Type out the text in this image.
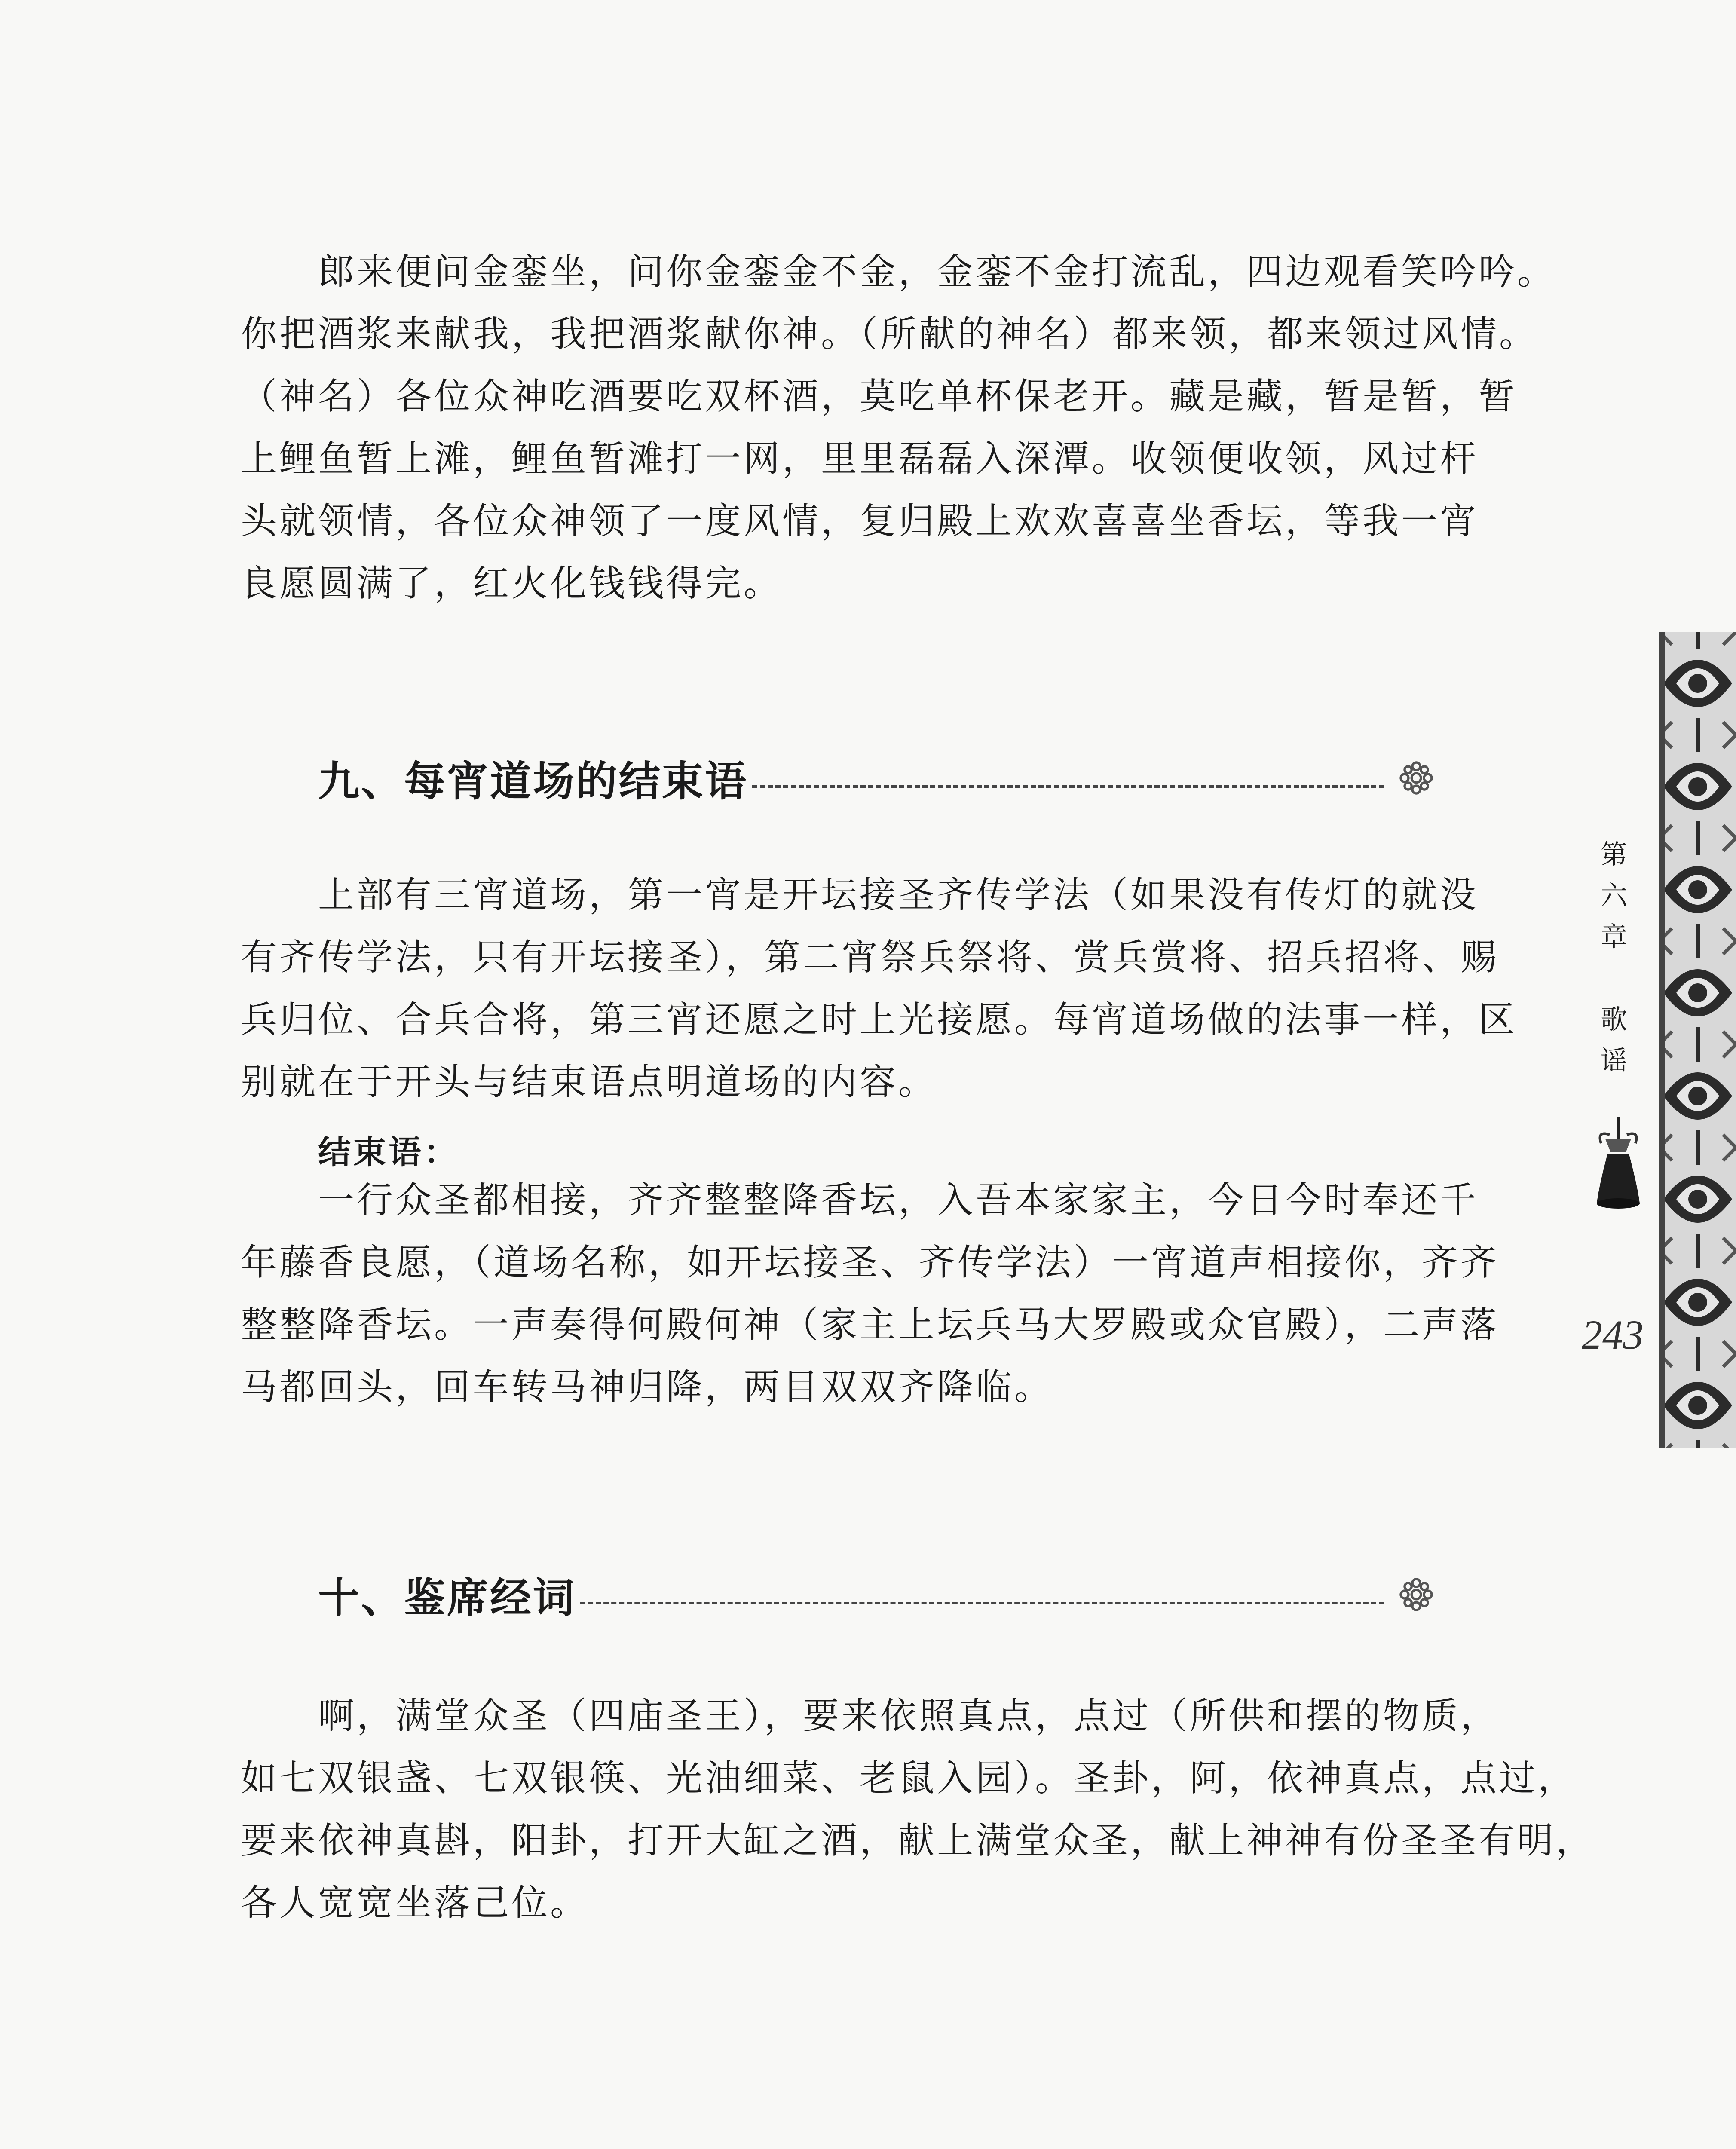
郎来便问金銮坐，问你金銮金不金，金銮不金打流乱，四边观看笑吟吟。
你把酒浆来献我，我把酒浆献你神。（所献的神名）都来领，都来领过风情。
（神名）各位众神吃酒要吃双杯酒，莫吃单杯保老开。藏是藏，暂是暂，暂
上鲤鱼暂上滩，鲤鱼暂滩打一网，里里磊磊入深潭。收领便收领，风过杆
头就领情，各位众神领了一度风情，复归殿上欢欢喜喜坐香坛，等我一宵
良愿圆满了，红火化钱钱得完。

九、每宵道场的结束语

上部有三宵道场，第一宵是开坛接圣齐传学法（如果没有传灯的就没
有齐传学法，只有开坛接圣），第二宵祭兵祭将、赏兵赏将、招兵招将、赐
兵归位、合兵合将，第三宵还愿之时上光接愿。每宵道场做的法事一样，区
别就在于开头与结束语点明道场的内容。

结束语：

一行众圣都相接，齐齐整整降香坛，入吾本家家主，今日今时奉还千
年藤香良愿，（道场名称，如开坛接圣、齐传学法）一宵道声相接你，齐齐
整整降香坛。一声奏得何殿何神（家主上坛兵马大罗殿或众官殿），二声落
马都回头，回车转马神归降，两目双双齐降临。

十、鉴席经词

啊，满堂众圣（四庙圣王），要来依照真点，点过（所供和摆的物质，
如七双银盏、七双银筷、光油细菜、老鼠入园）。圣卦，阿，依神真点，点过，
要来依神真斟，阳卦，打开大缸之酒，献上满堂众圣，献上神神有份圣圣有明，
各人宽宽坐落己位。

第
六
章

歌
谣
243
